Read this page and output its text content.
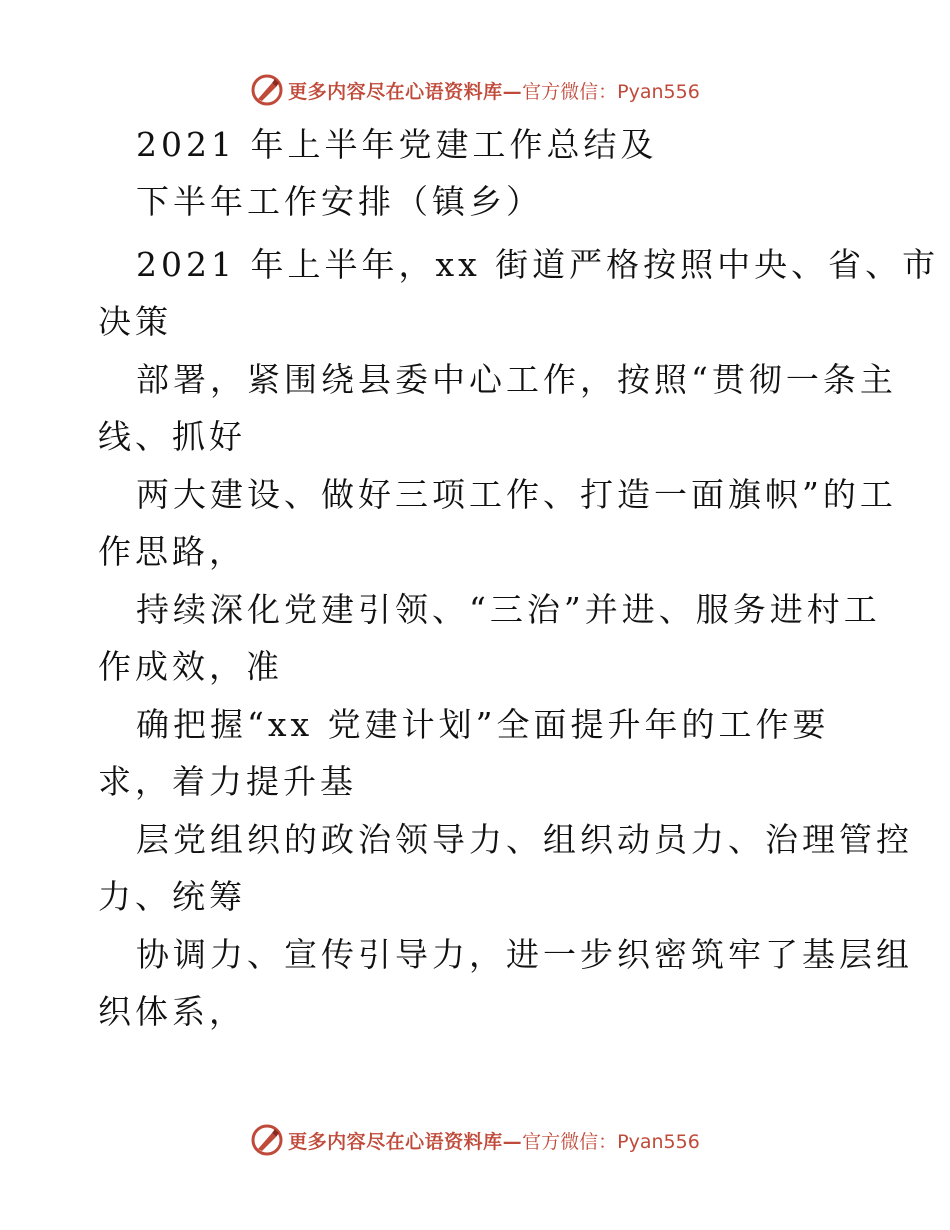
更多内容尽在心语资料库— 官方微信：Pyan556
2021 年上半年党建工作总结及
下半年工作安排（镇乡）
2021 年上半年，xx 街道严格按照中央、省、市
决策
部署，紧围绕县委中心工作，按照“贯彻一条主
线、抓好
两大建设、做好三项工作、打造一面旗帜”的工
作思路，
持续深化党建引领、“三治”并进、服务进村工
作成效，准
确把握“xx 党建计划”全面提升年的工作要
求，着力提升基
层党组织的政治领导力、组织动员力、治理管控
力、统筹
协调力、宣传引导力，进一步织密筑牢了基层组
织体系，
更多内容尽在心语资料库— 官方微信：Pyan556
